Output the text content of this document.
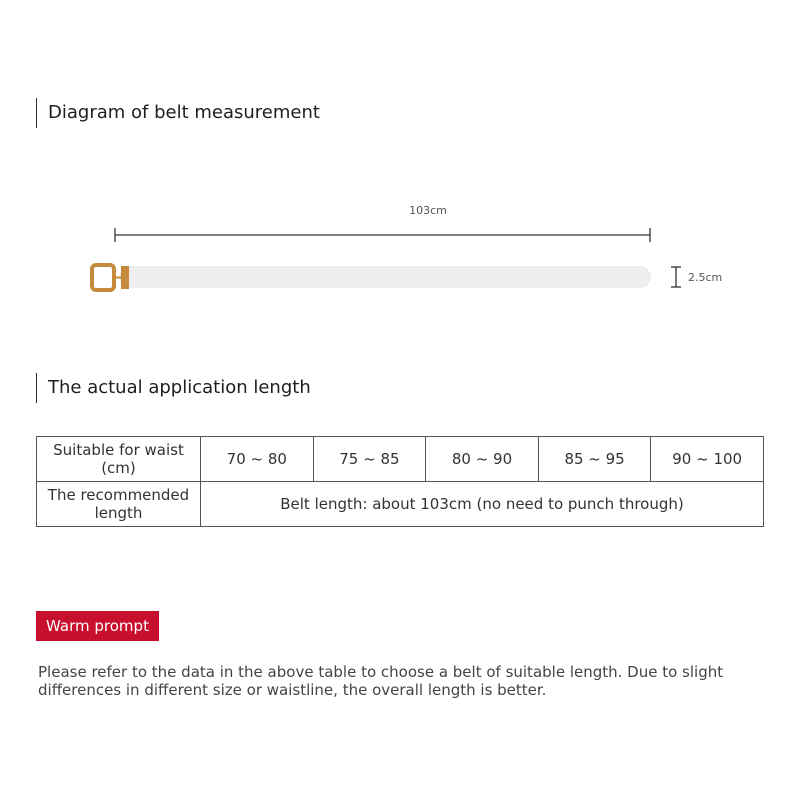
Diagram of belt measurement
103cm
2.5cm
The actual application length
Suitable for waist (cm)	70 ~ 80	75 ~ 85	80 ~ 90	85 ~ 95	90 ~ 100
The recommended length	Belt length: about 103cm (no need to punch through)				
Warm prompt
Please refer to the data in the above table to choose a belt of suitable length. Due to slight differences in different size or waistline, the overall length is better.
